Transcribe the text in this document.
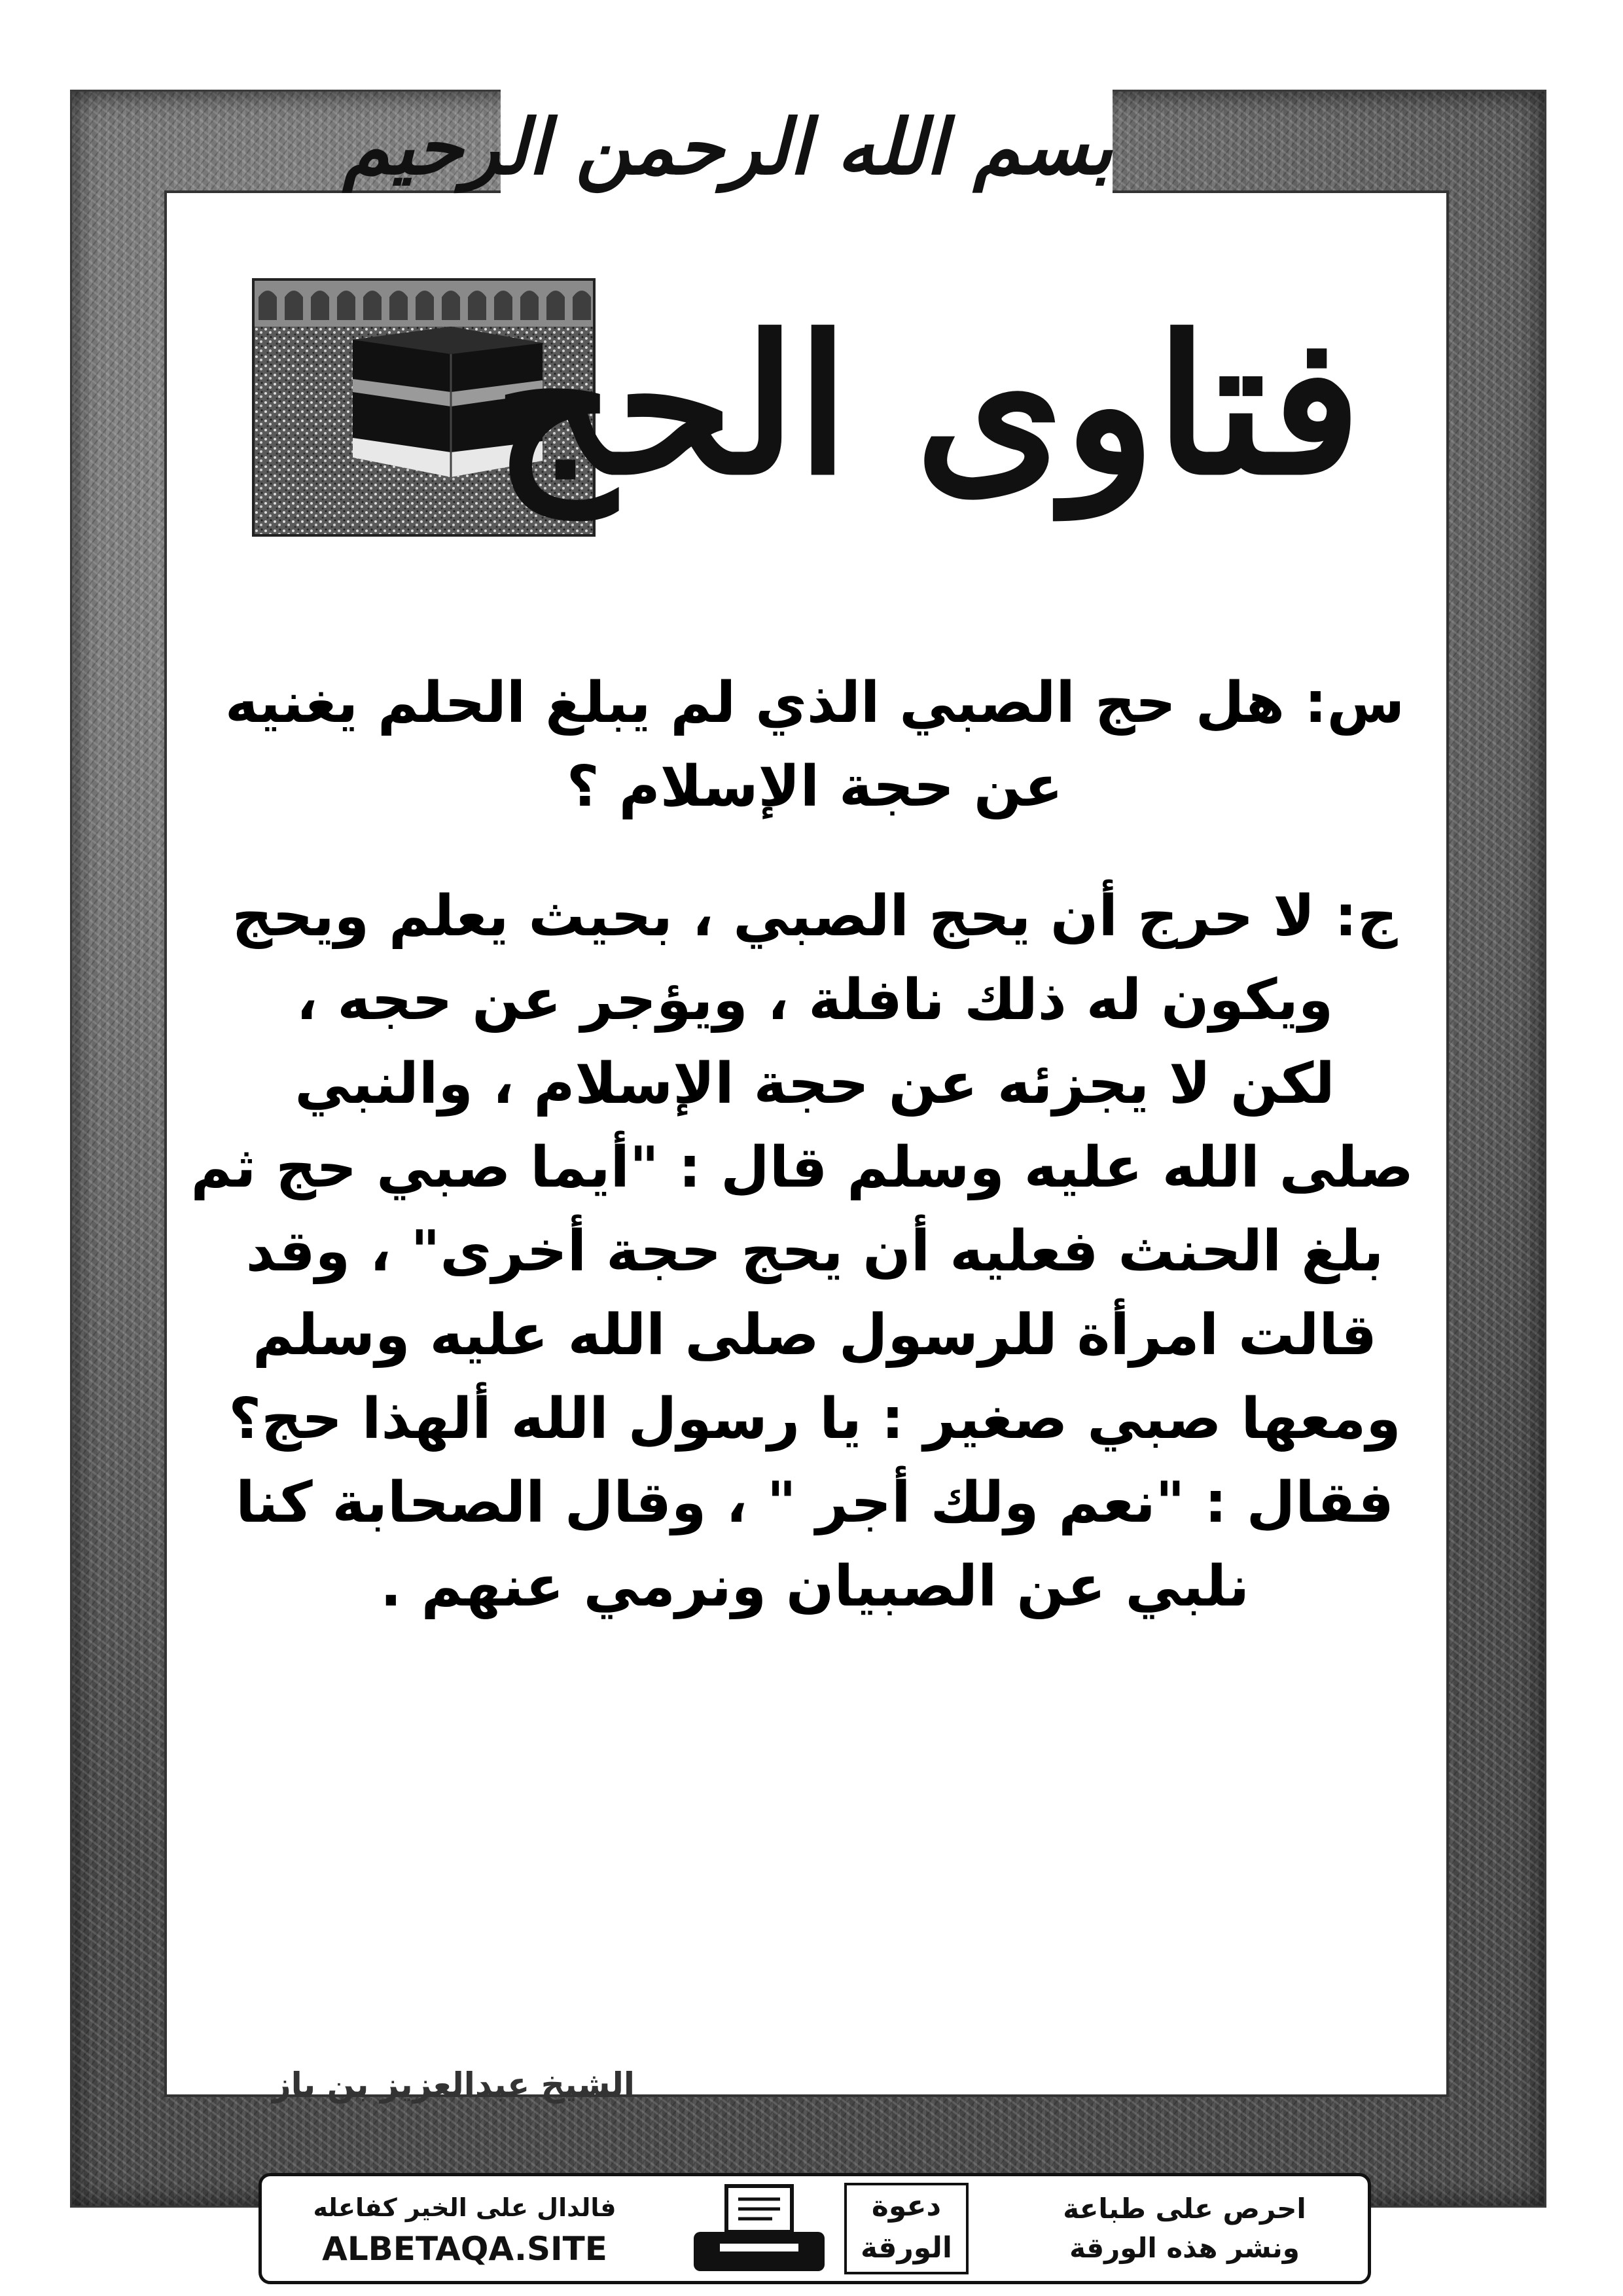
بسم الله الرحمن الرحيم
فتاوى الحج

س: هل حج الصبي الذي لم يبلغ الحلم يغنيه

عن حجة الإسلام ؟

ج: لا حرج أن يحج الصبي ، بحيث يعلم ويحج

ويكون له ذلك نافلة ، ويؤجر عن حجه ،

لكن لا يجزئه عن حجة الإسلام ، والنبي

صلى الله عليه وسلم قال : "أيما صبي حج ثم

بلغ الحنث فعليه أن يحج حجة أخرى" ، وقد

قالت امرأة للرسول صلى الله عليه وسلم

ومعها صبي صغير : يا رسول الله ألهذا حج؟

فقال : "نعم ولك أجر " ، وقال الصحابة كنا

نلبي عن الصبيان ونرمي عنهم .

الشيخ عبدالعزيز بن باز
فالدال على الخير كفاعله
ALBETAQA.SITE
دعوة
الورقة
احرص على طباعة
ونشر هذه الورقة
